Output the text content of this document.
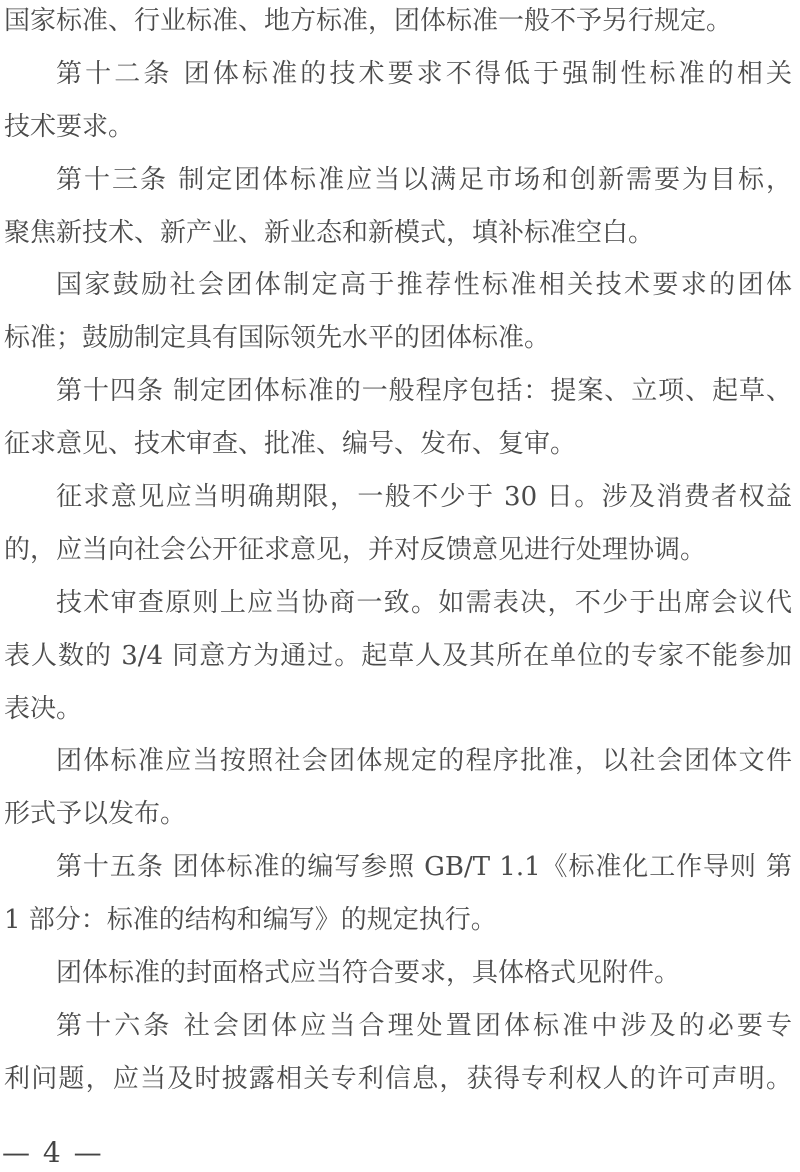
国家标准、行业标准、地方标准，团体标准一般不予另行规定。
第十二条 团体标准的技术要求不得低于强制性标准的相关
技术要求。
第十三条 制定团体标准应当以满足市场和创新需要为目标，
聚焦新技术、新产业、新业态和新模式，填补标准空白。
国家鼓励社会团体制定高于推荐性标准相关技术要求的团体
标准；鼓励制定具有国际领先水平的团体标准。
第十四条 制定团体标准的一般程序包括：提案、立项、起草、
征求意见、技术审查、批准、编号、发布、复审。
征求意见应当明确期限，一般不少于 30 日。涉及消费者权益
的，应当向社会公开征求意见，并对反馈意见进行处理协调。
技术审查原则上应当协商一致。如需表决，不少于出席会议代
表人数的 3/4 同意方为通过。起草人及其所在单位的专家不能参加
表决。
团体标准应当按照社会团体规定的程序批准，以社会团体文件
形式予以发布。
第十五条 团体标准的编写参照 GB/T 1.1《标准化工作导则 第
1 部分：标准的结构和编写》的规定执行。
团体标准的封面格式应当符合要求，具体格式见附件。
第十六条 社会团体应当合理处置团体标准中涉及的必要专
利问题，应当及时披露相关专利信息，获得专利权人的许可声明。
— 4 —
